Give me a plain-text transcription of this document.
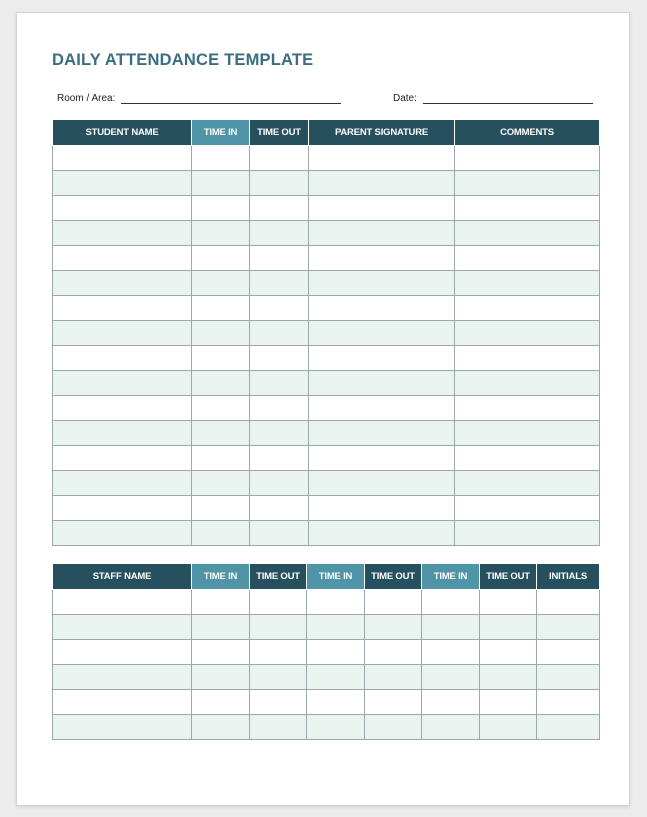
DAILY ATTENDANCE TEMPLATE
Room / Area:	Date:
STUDENT NAME	TIME IN	TIME OUT	PARENT SIGNATURE	COMMENTS

STAFF NAME	TIME IN	TIME OUT	TIME IN	TIME OUT	TIME IN	TIME OUT	INITIALS
